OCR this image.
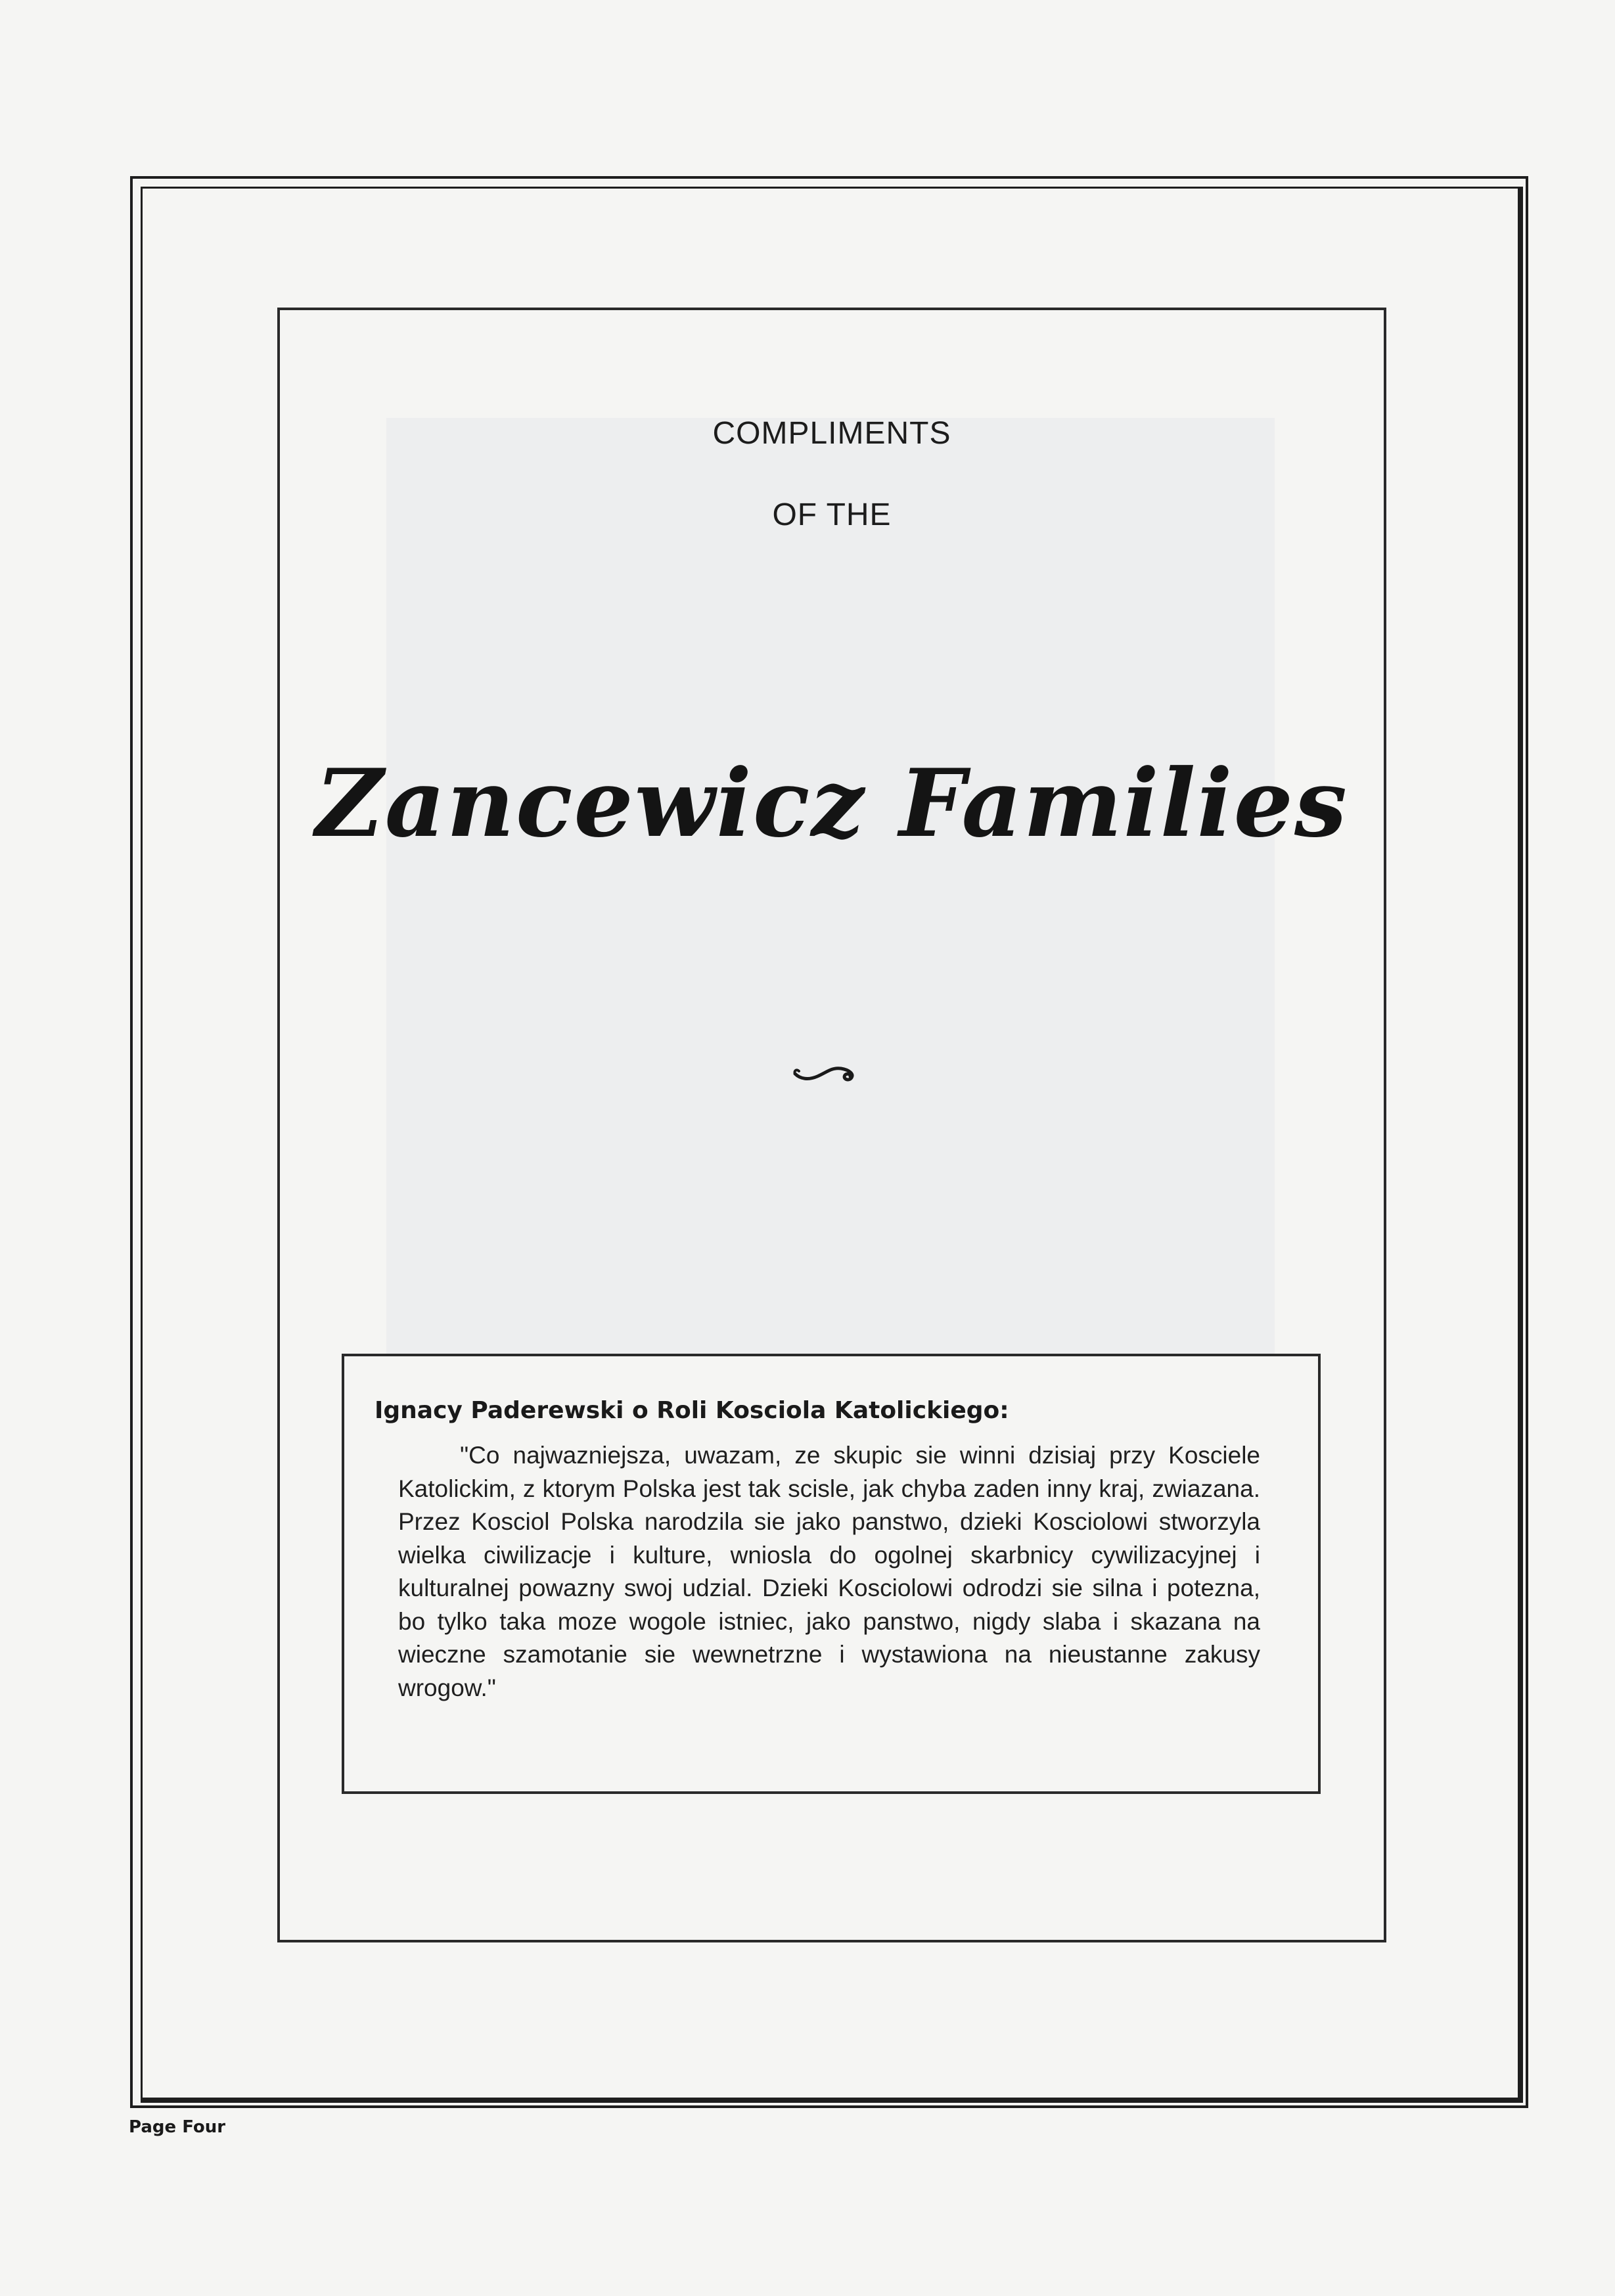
COMPLIMENTS
OF THE
Zancewicz Families
Ignacy Paderewski o Roli Kosciola Katolickiego:
"Co najwazniejsza, uwazam, ze skupic sie winni dzisiaj przy Kosciele Katolickim, z ktorym Polska jest tak scisle, jak chyba zaden inny kraj, zwiazana. Przez Kosciol Polska narodzila sie jako panstwo, dzieki Kosciolowi stworzyla wielka ciwilizacje i kulture, wniosla do ogolnej skarbnicy cywilizacyjnej i kulturalnej powazny swoj udzial. Dzieki Kosciolowi odrodzi sie silna i potezna, bo tylko taka moze wogole istniec, jako panstwo, nigdy slaba i skazana na wieczne szamotanie sie wewnetrzne i wystawiona na nieustanne zakusy wrogow."
Page Four
